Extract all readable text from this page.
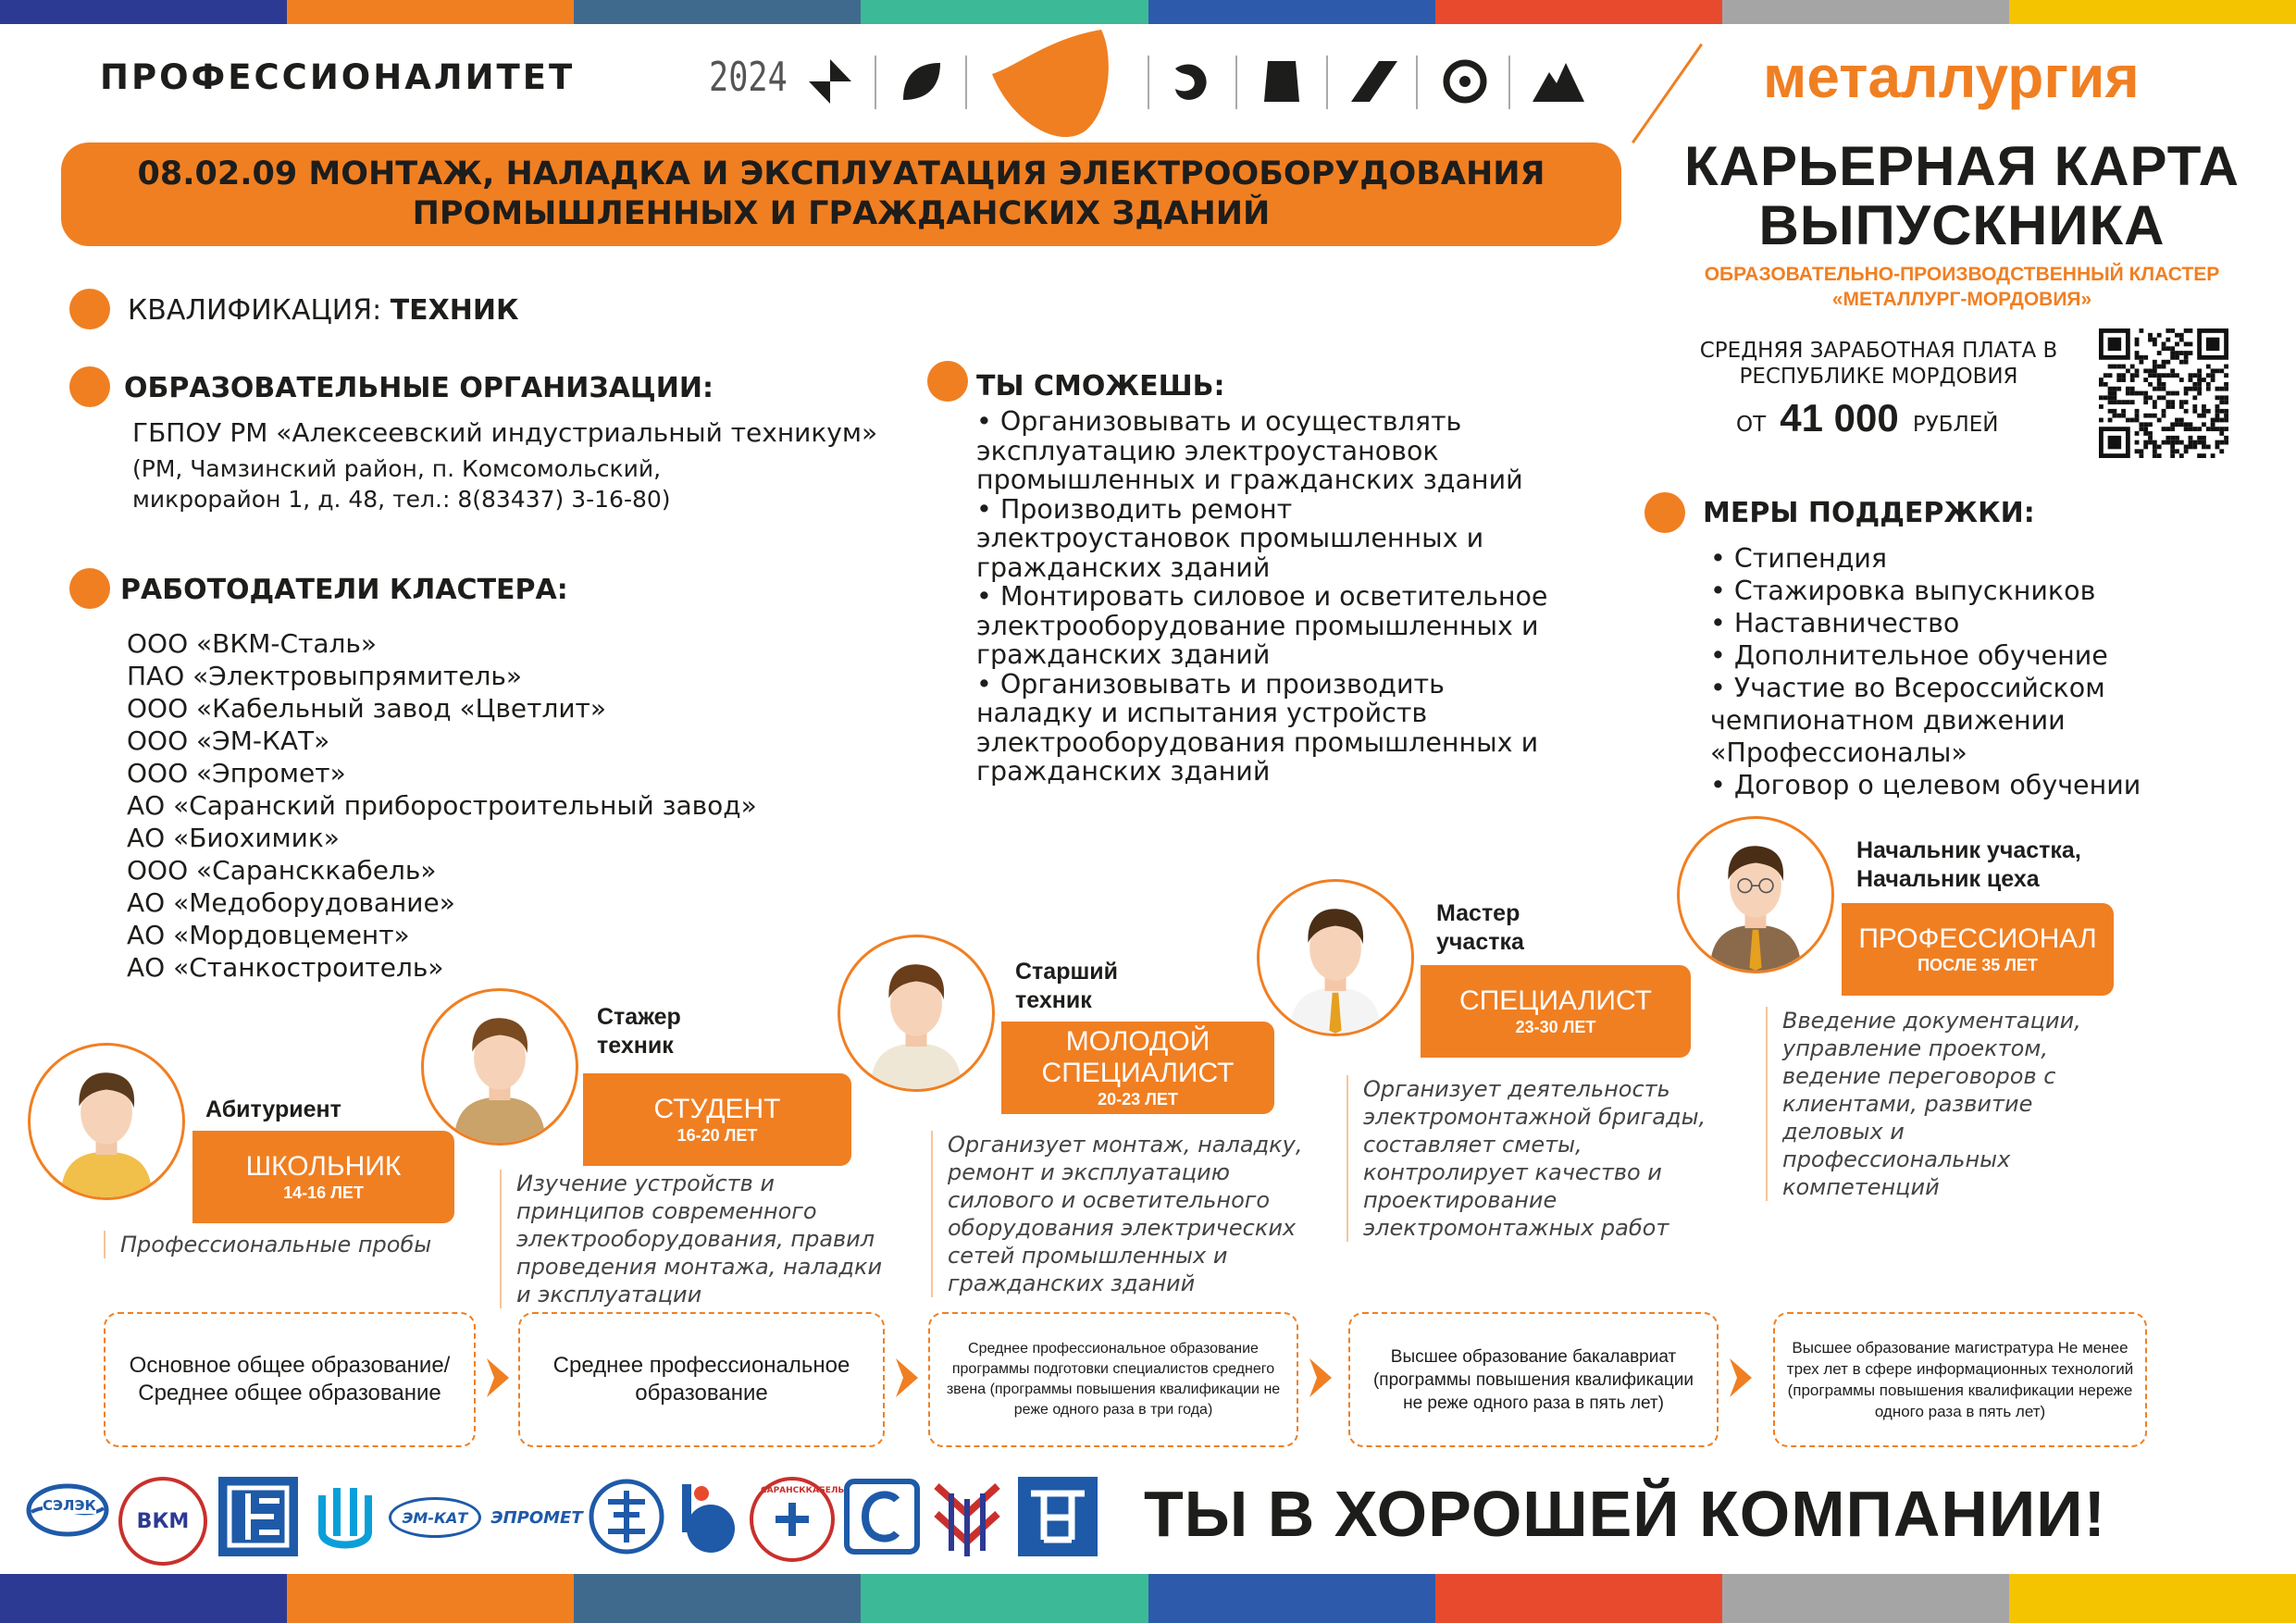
ПРОФЕССИОНАЛИТЕТ	2024	металлургия
08.02.09 МОНТАЖ, НАЛАДКА И ЭКСПЛУАТАЦИЯ ЭЛЕКТРООБОРУДОВАНИЯ ПРОМЫШЛЕННЫХ И ГРАЖДАНСКИХ ЗДАНИЙ
КАРЬЕРНАЯ КАРТА
ВЫПУСКНИКА
ОБРАЗОВАТЕЛЬНО-ПРОИЗВОДСТВЕННЫЙ КЛАСТЕР
«МЕТАЛЛУРГ-МОРДОВИЯ»
СРЕДНЯЯ ЗАРАБОТНАЯ ПЛАТА В РЕСПУБЛИКЕ МОРДОВИЯ
ОТ 41 000 РУБЛЕЙ
КВАЛИФИКАЦИЯ: ТЕХНИК
ОБРАЗОВАТЕЛЬНЫЕ ОРГАНИЗАЦИИ:
ГБПОУ РМ «Алексеевский индустриальный техникум»
(РМ, Чамзинский район, п. Комсомольский,
микрорайон 1, д. 48, тел.: 8(83437) 3-16-80)
РАБОТОДАТЕЛИ КЛАСТЕРА:
ООО «ВКМ-Сталь»
ПАО «Электровыпрямитель»
ООО «Кабельный завод «Цветлит»
ООО «ЭМ-КАТ»
ООО «Эпромет»
АО «Саранский приборостроительный завод»
АО «Биохимик»
ООО «Сарансккабель»
АО «Медоборудование»
АО «Мордовцемент»
АО «Станкостроитель»
ТЫ СМОЖЕШЬ:
• Организовывать и осуществлять эксплуатацию электроустановок промышленных и гражданских зданий
• Производить ремонт электроустановок промышленных и гражданских зданий
• Монтировать силовое и осветительное электрооборудование промышленных и гражданских зданий
• Организовывать и производить наладку и испытания устройств электрооборудования промышленных и гражданских зданий
МЕРЫ ПОДДЕРЖКИ:
• Стипендия
• Стажировка выпускников
• Наставничество
• Дополнительное обучение
• Участие во Всероссийском
чемпионатном движении
«Профессионалы»
• Договор о целевом обучении
ШКОЛЬНИК
14-16 ЛЕТ
Абитуриент
Профессиональные пробы
СТУДЕНТ
16-20 ЛЕТ
Стажер техник
Изучение устройств и принципов современного электрооборудования, правил проведения монтажа, наладки и эксплуатации
МОЛОДОЙ СПЕЦИАЛИСТ
20-23 ЛЕТ
Старший техник
Организует монтаж, наладку, ремонт и эксплуатацию силового и осветительного оборудования электрических сетей промышленных и гражданских зданий
СПЕЦИАЛИСТ
23-30 ЛЕТ
Мастер участка
Организует деятельность электромонтажной бригады, составляет сметы, контролирует качество и проектирование электромонтажных работ
ПРОФЕССИОНАЛ
ПОСЛЕ 35 ЛЕТ
Начальник участка, Начальник цеха
Введение документации, управление проектом, ведение переговоров с клиентами, развитие деловых и профессиональных компетенций
Основное общее образование/ Среднее общее образование
Среднее профессиональное образование
Среднее профессиональное образование программы подготовки специалистов среднего звена (программы повышения квалификации не реже одного раза в три года)
Высшее образование бакалавриат (программы повышения квалификации не реже одного раза в пять лет)
Высшее образование магистратура Не менее трех лет в сфере информационных технологий (программы повышения квалификации нереже одного раза в пять лет)
СЭЛЭК
ВКМ	ЭМ-КАТ ЭПРОМЕТ
САРАНСККАБЕЛЬ	ТЫ В ХОРОШЕЙ КОМПАНИИ!
